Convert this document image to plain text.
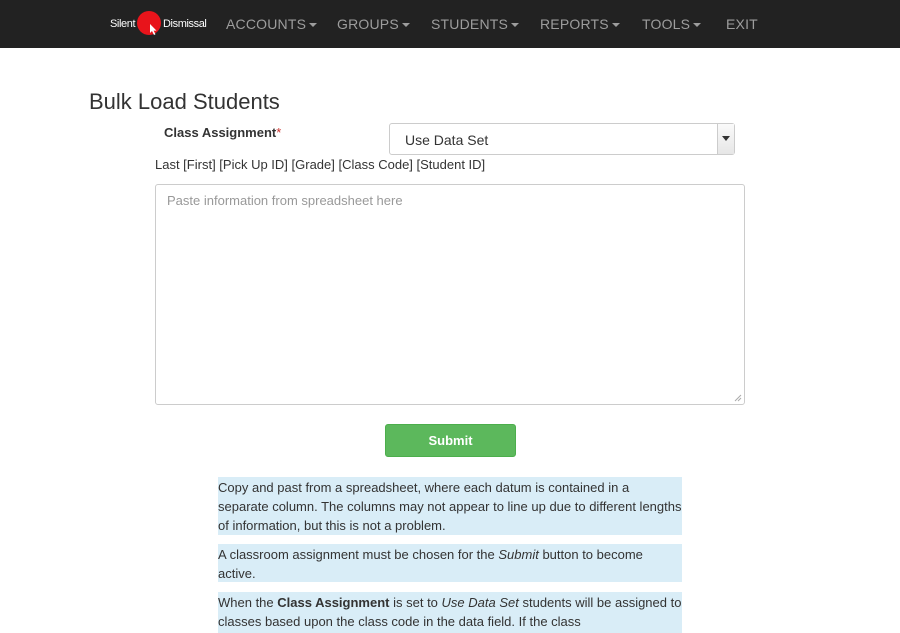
Silent	Dismissal ACCOUNTS	GROUPS	STUDENTS	REPORTS	TOOLS	EXIT
Bulk Load Students
Class Assignment*	Use Data Set
Last [First] [Pick Up ID] [Grade] [Class Code] [Student ID]
Paste information from spreadsheet here
Submit
Copy and past from a spreadsheet, where each datum is contained in a separate column. The columns may not appear to line up due to different lengths of information, but this is not a problem.
A classroom assignment must be chosen for the Submit button to become active.
When the Class Assignment is set to Use Data Set students will be assigned to classes based upon the class code in the data field. If the class
